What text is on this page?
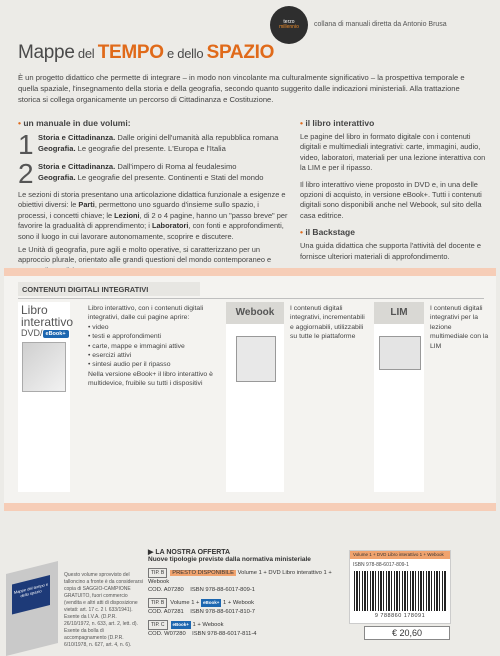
terzo
millennio collana di manuali diretta da Antonio Brusa
Mappe del TEMPO e dello SPAZIO

È un progetto didattico che permette di integrare – in modo non vincolante ma culturalmente significativo – la prospettiva temporale e quella spaziale, l'insegnamento della storia e della geografia, secondo quanto suggerito dalle indicazioni ministeriali. Alla trattazione storica si collega organicamente un percorso di Cittadinanza e Costituzione.

• un manuale in due volumi:
1 Storia e Cittadinanza. Dalle origini dell'umanità alla repubblica romana
Geografia. Le geografie del presente. L'Europa e l'Italia
2 Storia e Cittadinanza. Dall'impero di Roma al feudalesimo
Geografia. Le geografie del presente. Continenti e Stati del mondo

Le sezioni di storia presentano una articolazione didattica funzionale a esigenze e obiettivi diversi: le Parti, permettono uno sguardo d'insieme sullo spazio, i processi, i concetti chiave; le Lezioni, di 2 o 4 pagine, hanno un "passo breve" per favorire la gradualità di apprendimento; i Laboratori, con fonti e approfondimenti, sono il luogo in cui lavorare autonomamente, scoprire e discutere.

Le Unità di geografia, pure agili e molto operative, si caratterizzano per un approccio plurale, orientato alle grandi questioni del mondo contemporaneo e

• il libro interattivo

Le pagine del libro in formato digitale con i contenuti digitali e multimediali integrativi: carte, immagini, audio, video, laboratori, materiali per una lezione interattiva con la LIM e per il ripasso.

Il libro interattivo viene proposto in DVD e, in una delle opzioni di acquisto, in versione eBook+. Tutti i contenuti digitali sono disponibili anche nel Webook, sul sito della casa editrice.

• il Backstage

Una guida didattica che supporta l'attività del docente e fornisce ulteriori materiali di approfondimento.

CONTENUTI DIGITALI INTEGRATIVI
Libro
interattivo
DVD/ eBook+
Libro interattivo, con i contenuti digitali integrativi, dalle cui pagine aprire:
• video
• testi e approfondimenti
• carte, mappe e immagini attive
• esercizi attivi
• sintesi audio per il ripasso
Nella versione eBook+ il libro interattivo è multidevice, fruibile su tutti i dispositivi
Webook	I contenuti digitali integrativi, incrementabili e aggiornabili, utilizzabili su tutte le piattaforme
LIM	I contenuti digitali integrativi per la lezione multimediale con la LIM
Mappe del tempo e dello spazio

Questo volume sprovvisto del talloncino a fronte è da considerarsi copia di SAGGIO-CAMPIONE GRATUITO, fuori commercio (vendita e altri atti di disposizione vietati: art. 17 c. 2 l. 633/1941). Esente da I.V.A. (D.P.R. 26/10/1972, n. 633, art. 2, lett. d). Esente da bolla di accompagnamento (D.P.R. 6/10/1978, n. 627, art. 4, n. 6).

▶ LA NOSTRA OFFERTA
Nuove tipologie previste dalla normativa ministeriale
TIP. B PRESTO DISPONIBILE Volume 1 + DVD Libro interattivo 1 + Webook
COD. A07280 ISBN 978-88-6017-809-1
TIP. B Volume 1 + eBook+ 1 + Webook
COD. A07281 ISBN 978-88-6017-810-7
TIP. C eBook+ 1 + Webook
COD. W07280 ISBN 978-88-6017-811-4
Volume 1 + DVD Libro interattivo 1 + Webook
ISBN 978-88-6017-809-1
9 788860 178091
€ 20,60
